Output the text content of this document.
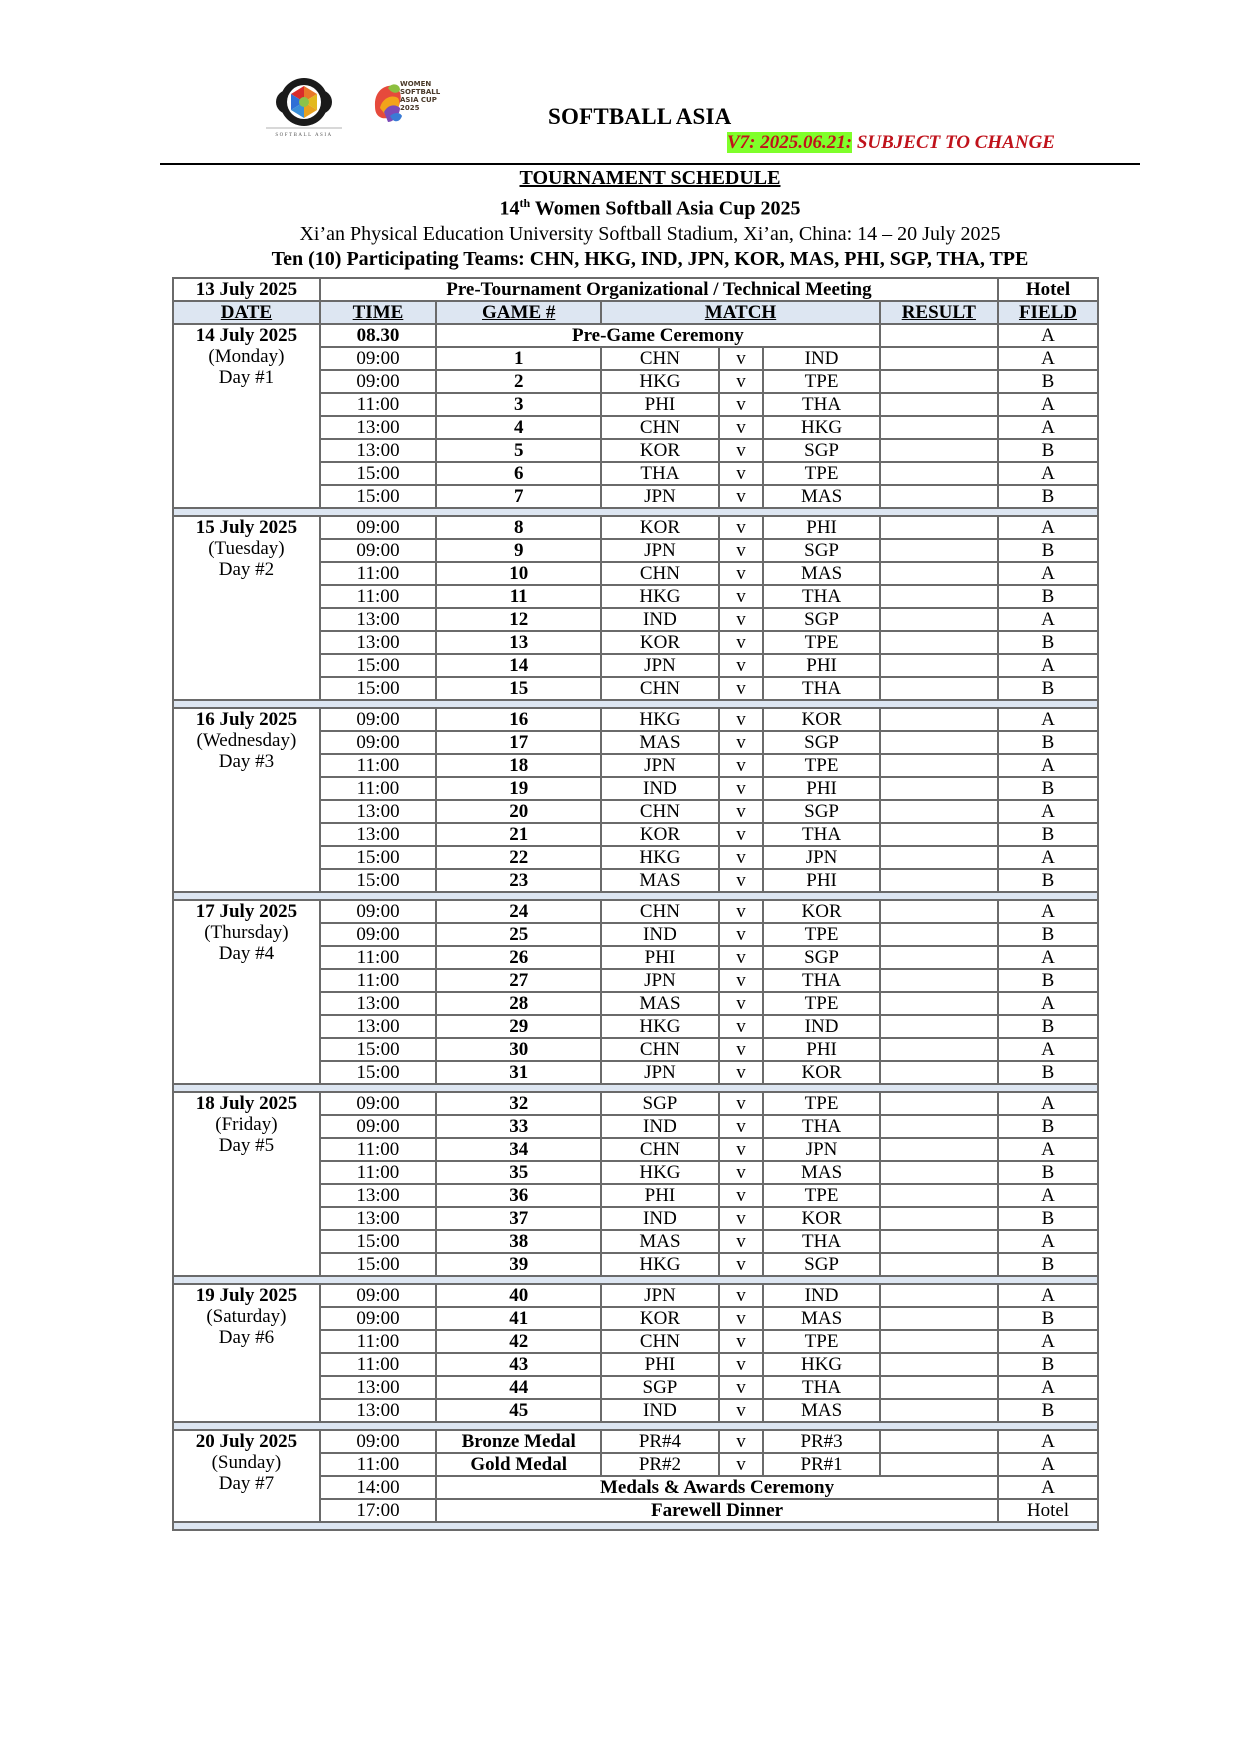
SOFTBALL ASIA
WOMEN
SOFTBALL
ASIA CUP
2025	SOFTBALL ASIA
V7: 2025.06.21: SUBJECT TO CHANGE
TOURNAMENT SCHEDULE
14th Women Softball Asia Cup 2025
Xi’an Physical Education University Softball Stadium, Xi’an, China: 14 – 20 July 2025
Ten (10) Participating Teams: CHN, HKG, IND, JPN, KOR, MAS, PHI, SGP, THA, TPE
13 July 2025	Pre-Tournament Organizational / Technical Meeting						Hotel
DATE	TIME	GAME #	MATCH			RESULT	FIELD

14 July 2025
(Monday)
Day #1	08.30	Pre-Game Ceremony					A
	09:00	1	CHN	v	IND		A
	09:00	2	HKG	v	TPE		B
	11:00	3	PHI	v	THA		A
	13:00	4	CHN	v	HKG		A
	13:00	5	KOR	v	SGP		B
	15:00	6	THA	v	TPE		A
	15:00	7	JPN	v	MAS		B

15 July 2025
(Tuesday)
Day #2	09:00	8	KOR	v	PHI		A
	09:00	9	JPN	v	SGP		B
	11:00	10	CHN	v	MAS		A
	11:00	11	HKG	v	THA		B
	13:00	12	IND	v	SGP		A
	13:00	13	KOR	v	TPE		B
	15:00	14	JPN	v	PHI		A
	15:00	15	CHN	v	THA		B

16 July 2025
(Wednesday)
Day #3	09:00	16	HKG	v	KOR		A
	09:00	17	MAS	v	SGP		B
	11:00	18	JPN	v	TPE		A
	11:00	19	IND	v	PHI		B
	13:00	20	CHN	v	SGP		A
	13:00	21	KOR	v	THA		B
	15:00	22	HKG	v	JPN		A
	15:00	23	MAS	v	PHI		B

17 July 2025
(Thursday)
Day #4	09:00	24	CHN	v	KOR		A
	09:00	25	IND	v	TPE		B
	11:00	26	PHI	v	SGP		A
	11:00	27	JPN	v	THA		B
	13:00	28	MAS	v	TPE		A
	13:00	29	HKG	v	IND		B
	15:00	30	CHN	v	PHI		A
	15:00	31	JPN	v	KOR		B

18 July 2025
(Friday)
Day #5	09:00	32	SGP	v	TPE		A
	09:00	33	IND	v	THA		B
	11:00	34	CHN	v	JPN		A
	11:00	35	HKG	v	MAS		B
	13:00	36	PHI	v	TPE		A
	13:00	37	IND	v	KOR		B
	15:00	38	MAS	v	THA		A
	15:00	39	HKG	v	SGP		B

19 July 2025
(Saturday)
Day #6	09:00	40	JPN	v	IND		A
	09:00	41	KOR	v	MAS		B
	11:00	42	CHN	v	TPE		A
	11:00	43	PHI	v	HKG		B
	13:00	44	SGP	v	THA		A
	13:00	45	IND	v	MAS		B

20 July 2025
(Sunday)
Day #7	09:00	Bronze Medal	PR#4	v	PR#3		A
	11:00	Gold Medal	PR#2	v	PR#1		A
	14:00	Medals & Awards Ceremony					A
	17:00	Farewell Dinner					Hotel
